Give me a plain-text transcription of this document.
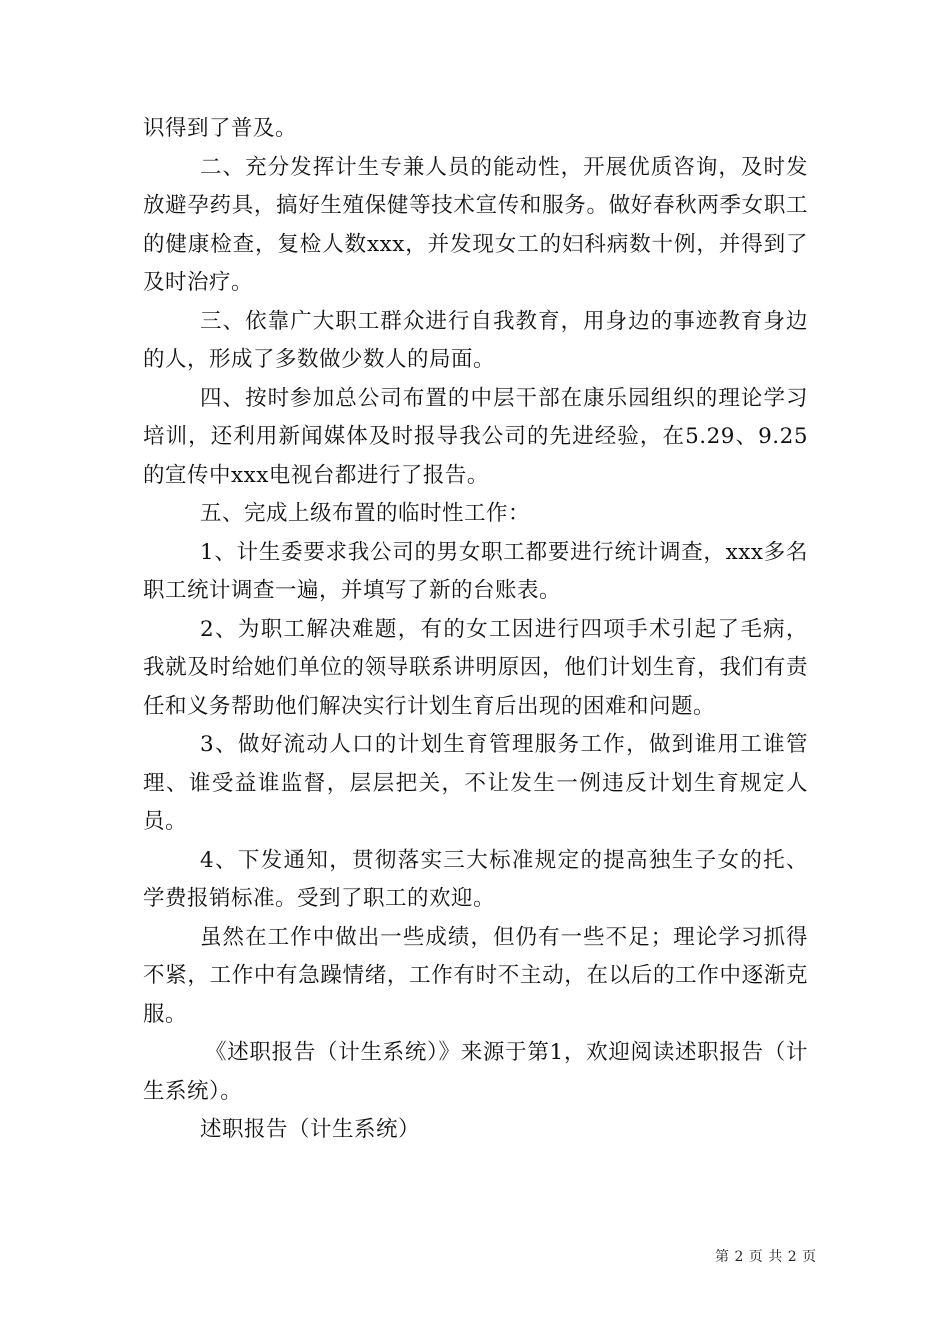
识得到了普及。

二、充分发挥计生专兼人员的能动性，开展优质咨询，及时发放避孕药具，搞好生殖保健等技术宣传和服务。做好春秋两季女职工的健康检查，复检人数xxx，并发现女工的妇科病数十例，并得到了及时治疗。

三、依靠广大职工群众进行自我教育，用身边的事迹教育身边的人，形成了多数做少数人的局面。

四、按时参加总公司布置的中层干部在康乐园组织的理论学习培训，还利用新闻媒体及时报导我公司的先进经验，在5.29、9.25的宣传中xxx电视台都进行了报告。

五、完成上级布置的临时性工作：

1、计生委要求我公司的男女职工都要进行统计调查，xxx多名职工统计调查一遍，并填写了新的台账表。

2、为职工解决难题，有的女工因进行四项手术引起了毛病，我就及时给她们单位的领导联系讲明原因，他们计划生育，我们有责任和义务帮助他们解决实行计划生育后出现的困难和问题。

3、做好流动人口的计划生育管理服务工作，做到谁用工谁管理、谁受益谁监督，层层把关，不让发生一例违反计划生育规定人员。

4、下发通知，贯彻落实三大标准规定的提高独生子女的托、学费报销标准。受到了职工的欢迎。

虽然在工作中做出一些成绩，但仍有一些不足；理论学习抓得不紧，工作中有急躁情绪，工作有时不主动，在以后的工作中逐渐克服。

《述职报告（计生系统）》来源于第1，欢迎阅读述职报告（计生系统）。

述职报告（计生系统）

第 2 页 共 2 页
